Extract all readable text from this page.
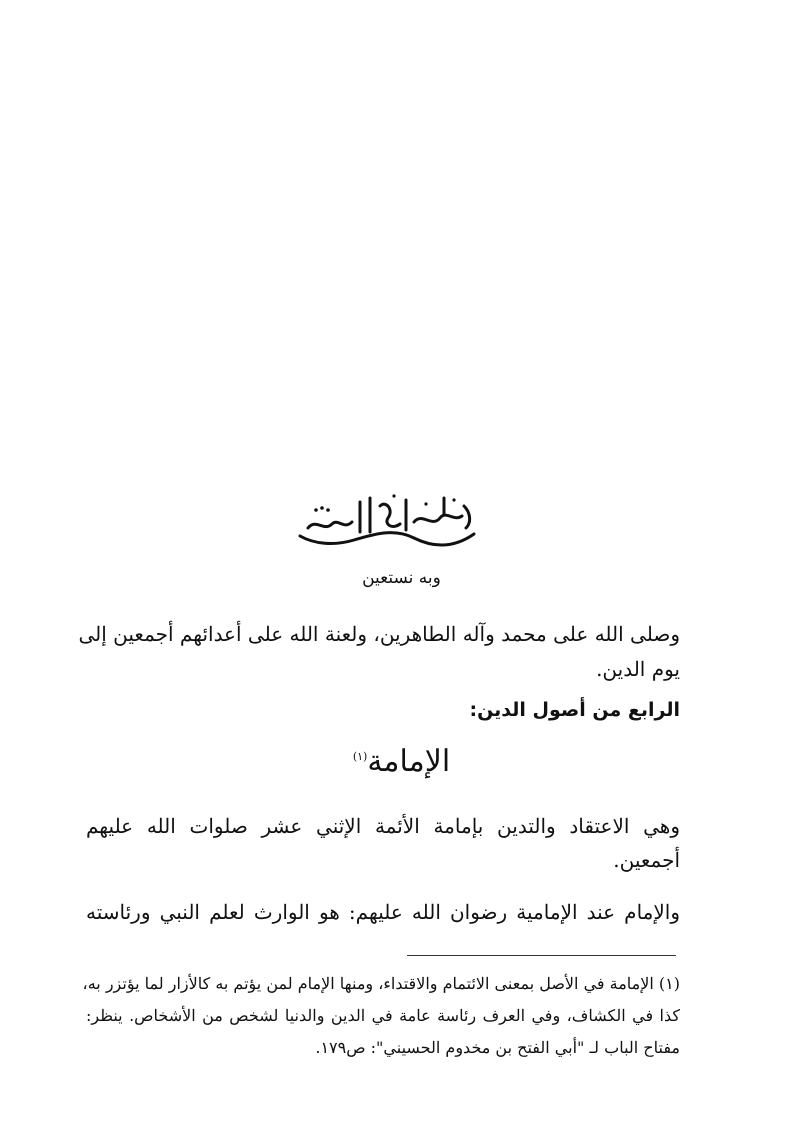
وبه نستعين
وصلى الله على محمد وآله الطاهرين، ولعنة الله على أعدائهم أجمعين إلى
يوم الدين.
الرابع من أصول الدين:
الإمامة$^{(١)}$
وهي الاعتقاد والتدين بإمامة الأئمة الإثني عشر صلوات الله عليهم
أجمعين.
والإمام عند الإمامية رضوان الله عليهم: هو الوارث لعلم النبي ورئاسته
(١) الإمامة في الأصل بمعنى الائتمام والاقتداء، ومنها الإمام لمن يؤتم به كالأزار لما يؤتزر به،
كذا في الكشاف، وفي العرف رئاسة عامة في الدين والدنيا لشخص من الأشخاص. ينظر:
مفتاح الباب لـ "أبي الفتح بن مخدوم الحسيني": ص١٧٩.
